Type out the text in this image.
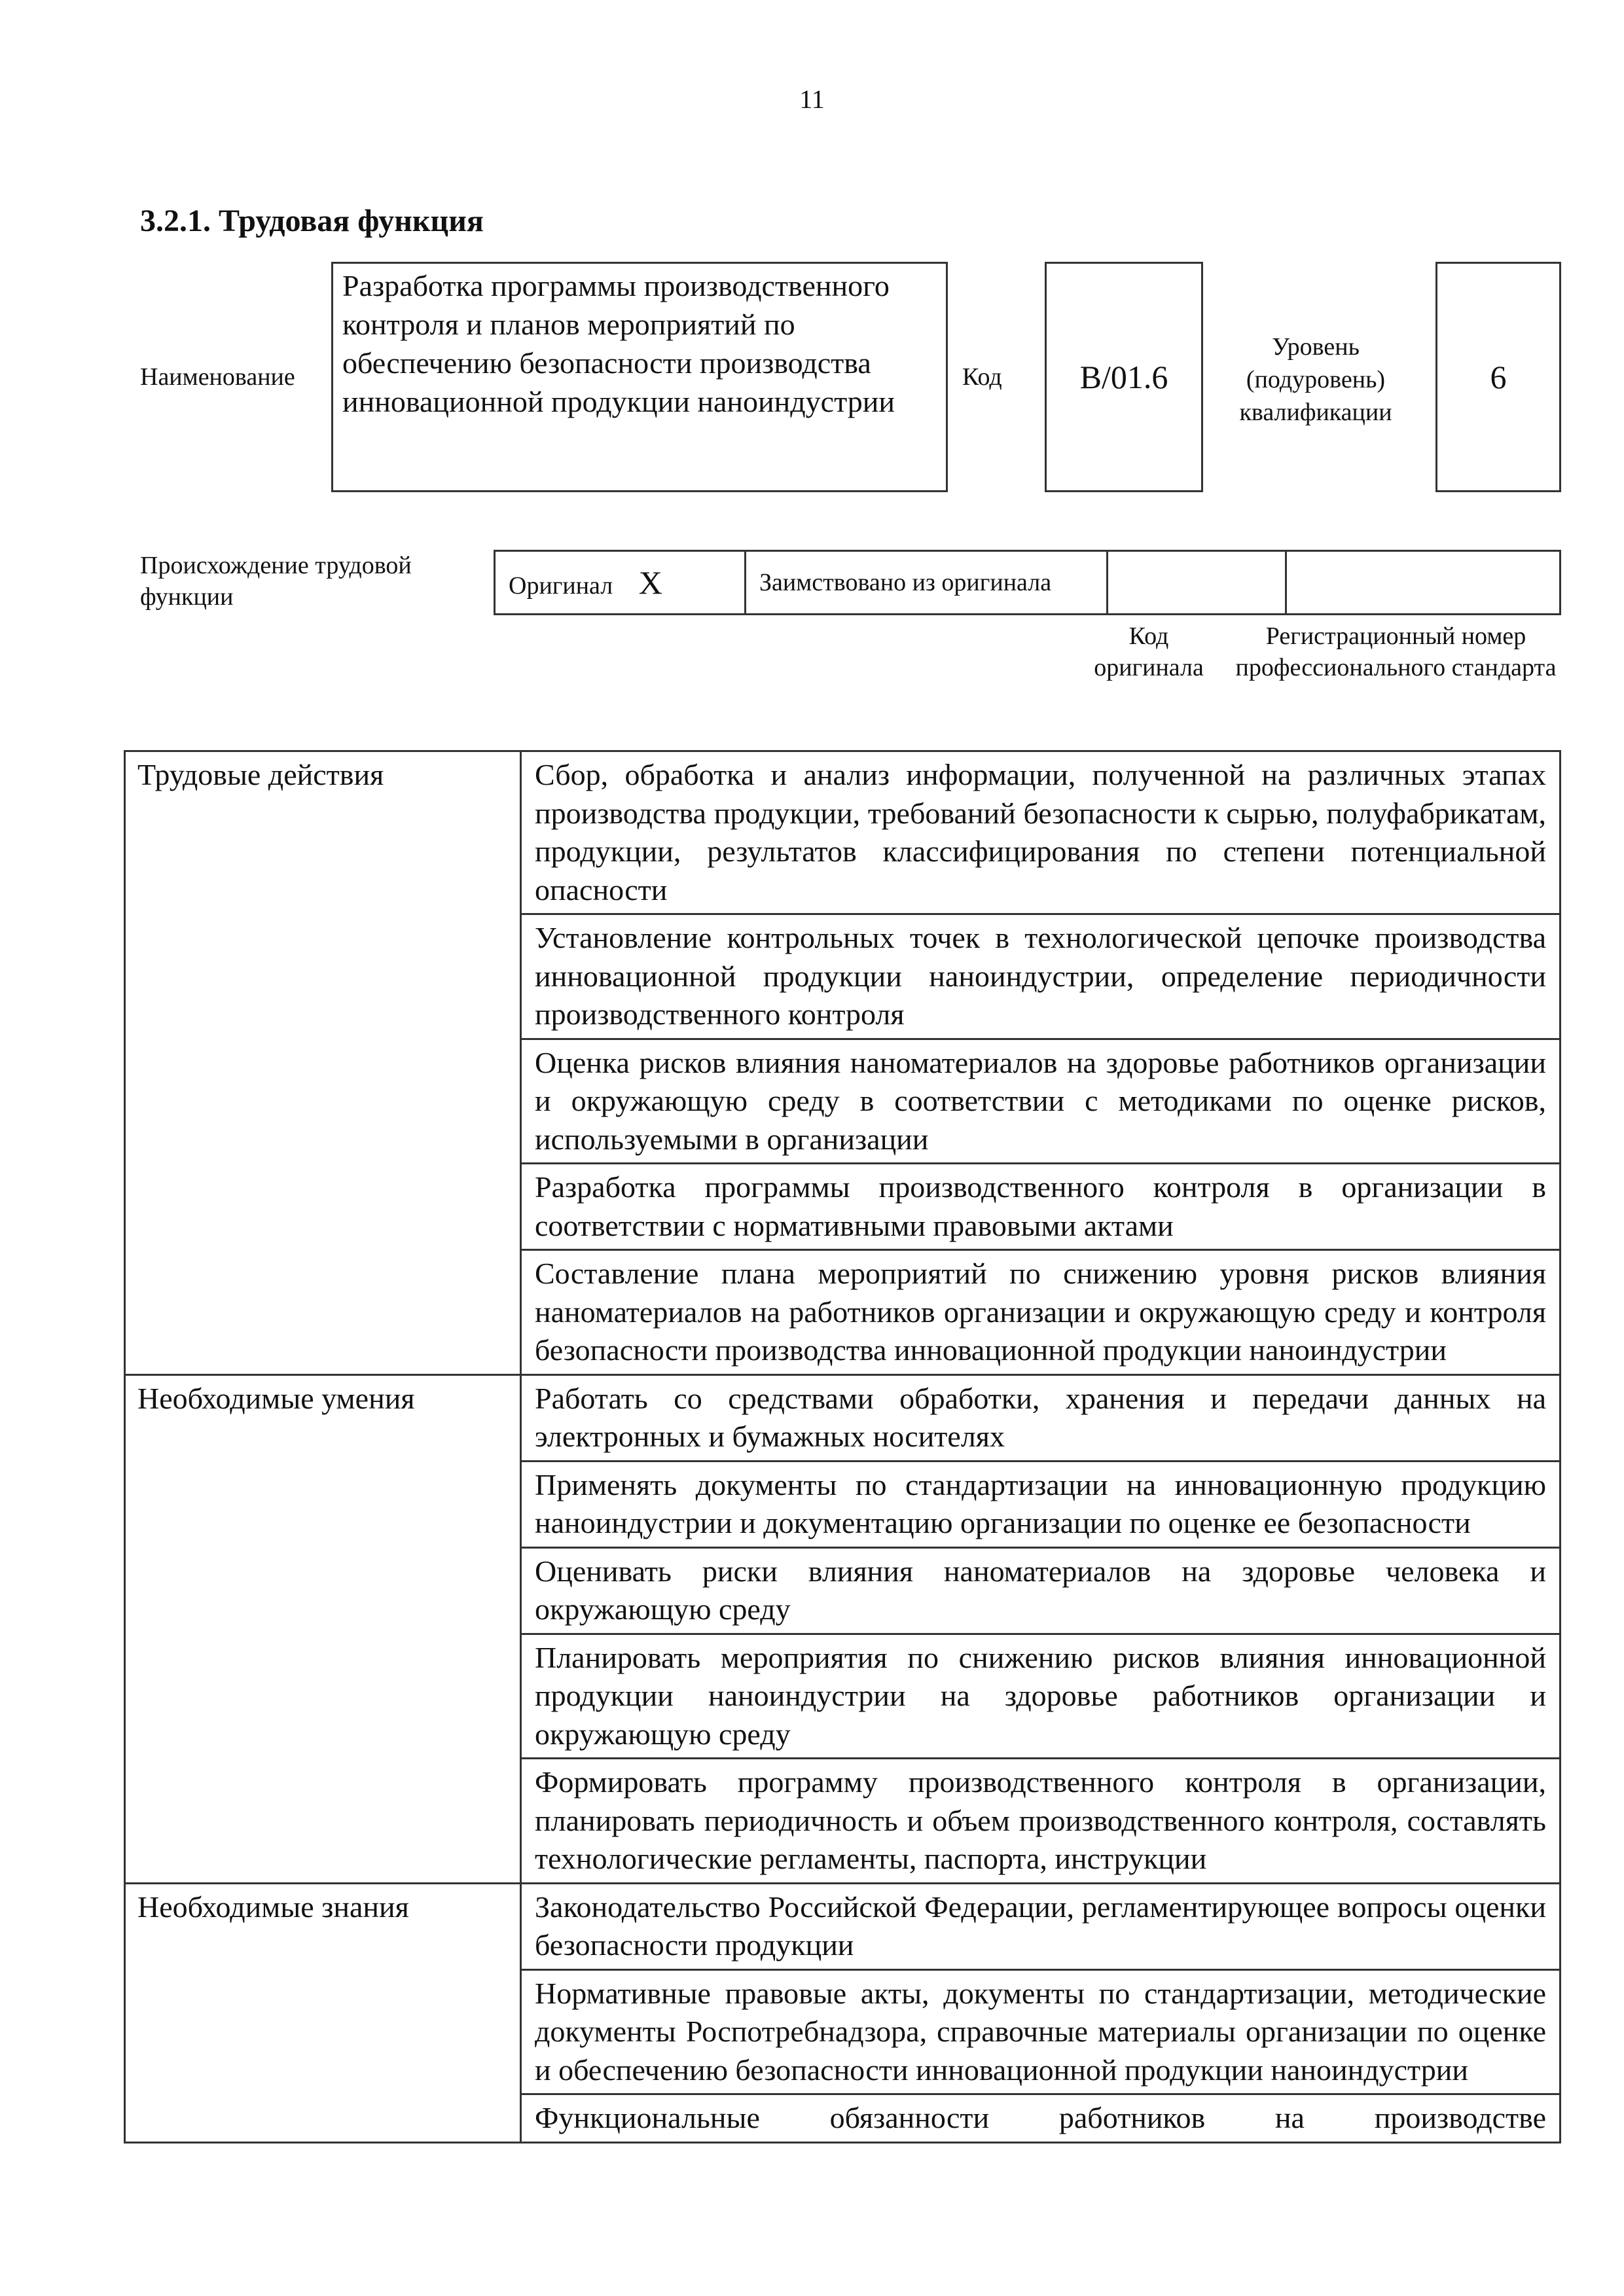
11
3.2.1. Трудовая функция
Наименование
Разработка программы производственного контроля и планов мероприятий по обеспечению безопасности производства инновационной продукции наноиндустрии
Код В/01.6
Уровень (подуровень) квалификации
6
Происхождение трудовой функции	Оригинал X	Заимствовано из оригинала		
Код оригинала
Регистрационный номер профессионального стандарта
Трудовые действия	Сбор, обработка и анализ информации, полученной на различных этапах производства продукции, требований безопасности к сырью, полуфабрикатам, продукции, результатов классифицирования по степени потенциальной опасности
	Установление контрольных точек в технологической цепочке производства инновационной продукции наноиндустрии, определение периодичности производственного контроля
	Оценка рисков влияния наноматериалов на здоровье работников организации и окружающую среду в соответствии с методиками по оценке рисков, используемыми в организации
	Разработка программы производственного контроля в организации в соответствии с нормативными правовыми актами
	Составление плана мероприятий по снижению уровня рисков влияния наноматериалов на работников организации и окружающую среду и контроля безопасности производства инновационной продукции наноиндустрии
Необходимые умения	Работать со средствами обработки, хранения и передачи данных на электронных и бумажных носителях
	Применять документы по стандартизации на инновационную продукцию наноиндустрии и документацию организации по оценке ее безопасности
	Оценивать риски влияния наноматериалов на здоровье человека и окружающую среду
	Планировать мероприятия по снижению рисков влияния инновационной продукции наноиндустрии на здоровье работников организации и окружающую среду
	Формировать программу производственного контроля в организации, планировать периодичность и объем производственного контроля, составлять технологические регламенты, паспорта, инструкции
Необходимые знания	Законодательство Российской Федерации, регламентирующее вопросы оценки безопасности продукции
	Нормативные правовые акты, документы по стандартизации, методические документы Роспотребнадзора, справочные материалы организации по оценке и обеспечению безопасности инновационной продукции наноиндустрии
	Функциональные обязанности работников на производстве
